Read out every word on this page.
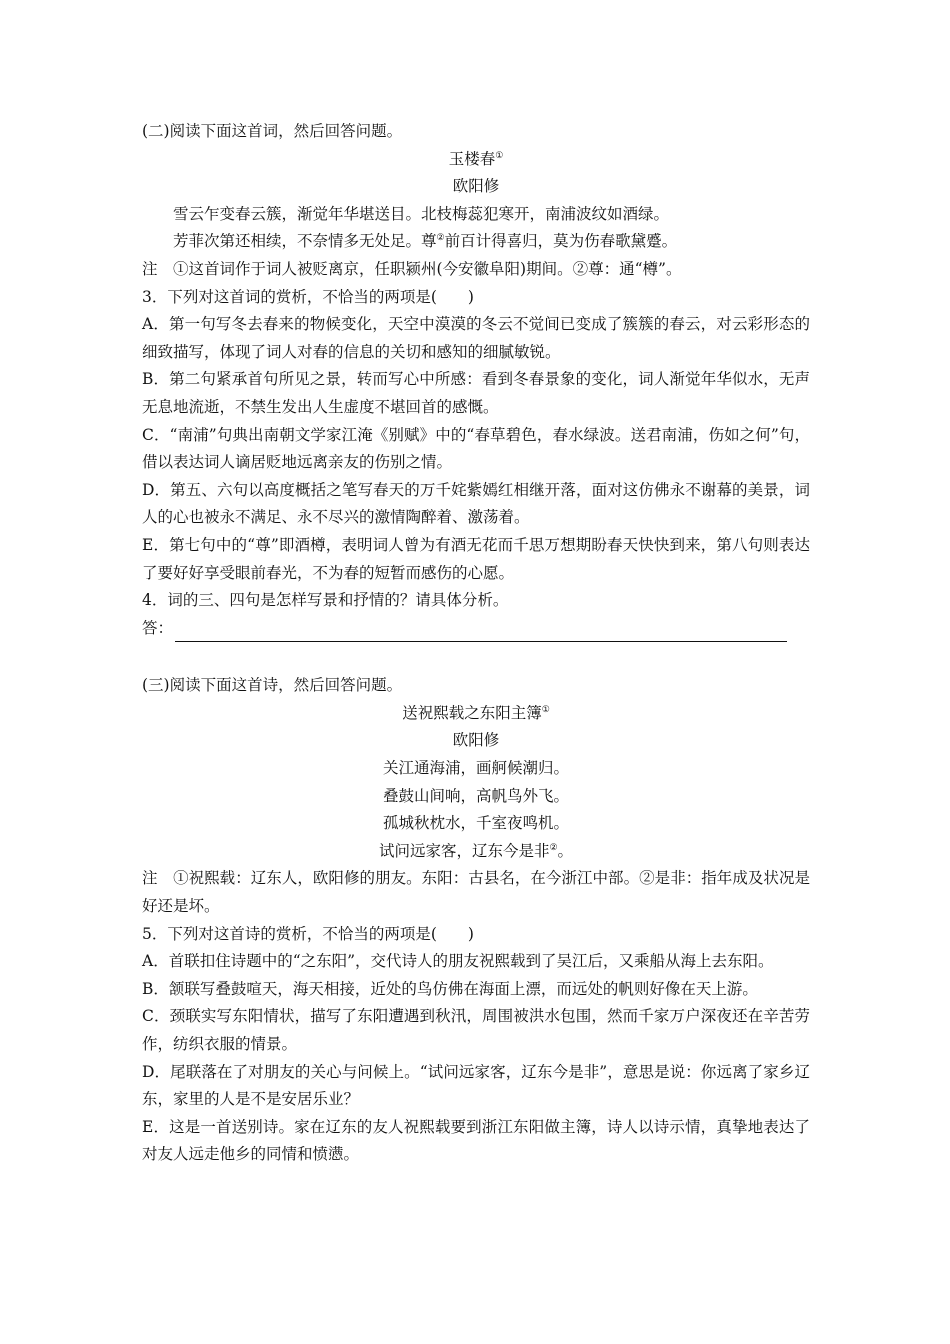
(二)阅读下面这首词，然后回答问题。

玉楼春①

欧阳修

雪云乍变春云簇，渐觉年华堪送目。北枝梅蕊犯寒开，南浦波纹如酒绿。

芳菲次第还相续，不奈情多无处足。尊②前百计得喜归，莫为伤春歌黛蹙。

注　①这首词作于词人被贬离京，任职颍州(今安徽阜阳)期间。②尊：通“樽”。

3．下列对这首词的赏析，不恰当的两项是(　　)

A．第一句写冬去春来的物候变化，天空中漠漠的冬云不觉间已变成了簇簇的春云，对云彩形态的细致描写，体现了词人对春的信息的关切和感知的细腻敏锐。

B．第二句紧承首句所见之景，转而写心中所感：看到冬春景象的变化，词人渐觉年华似水，无声无息地流逝，不禁生发出人生虚度不堪回首的感慨。

C．“南浦”句典出南朝文学家江淹《别赋》中的“春草碧色，春水绿波。送君南浦，伤如之何”句，借以表达词人谪居贬地远离亲友的伤别之情。

D．第五、六句以高度概括之笔写春天的万千姹紫嫣红相继开落，面对这仿佛永不谢幕的美景，词人的心也被永不满足、永不尽兴的激情陶醉着、激荡着。

E．第七句中的“尊”即酒樽，表明词人曾为有酒无花而千思万想期盼春天快快到来，第八句则表达了要好好享受眼前春光，不为春的短暂而感伤的心愿。

4．词的三、四句是怎样写景和抒情的？请具体分析。

答：

(三)阅读下面这首诗，然后回答问题。

送祝熙载之东阳主簿①

欧阳修

关江通海浦，画舸候潮归。

叠鼓山间响，高帆鸟外飞。

孤城秋枕水，千室夜鸣机。

试问远家客，辽东今是非②。

注　①祝熙载：辽东人，欧阳修的朋友。东阳：古县名，在今浙江中部。②是非：指年成及状况是好还是坏。

5．下列对这首诗的赏析，不恰当的两项是(　　)

A．首联扣住诗题中的“之东阳”，交代诗人的朋友祝熙载到了吴江后，又乘船从海上去东阳。

B．颔联写叠鼓喧天，海天相接，近处的鸟仿佛在海面上漂，而远处的帆则好像在天上游。

C．颈联实写东阳情状，描写了东阳遭遇到秋汛，周围被洪水包围，然而千家万户深夜还在辛苦劳作，纺织衣服的情景。

D．尾联落在了对朋友的关心与问候上。“试问远家客，辽东今是非”，意思是说：你远离了家乡辽东，家里的人是不是安居乐业？

E．这是一首送别诗。家在辽东的友人祝熙载要到浙江东阳做主簿，诗人以诗示情，真挚地表达了对友人远走他乡的同情和愤懑。
